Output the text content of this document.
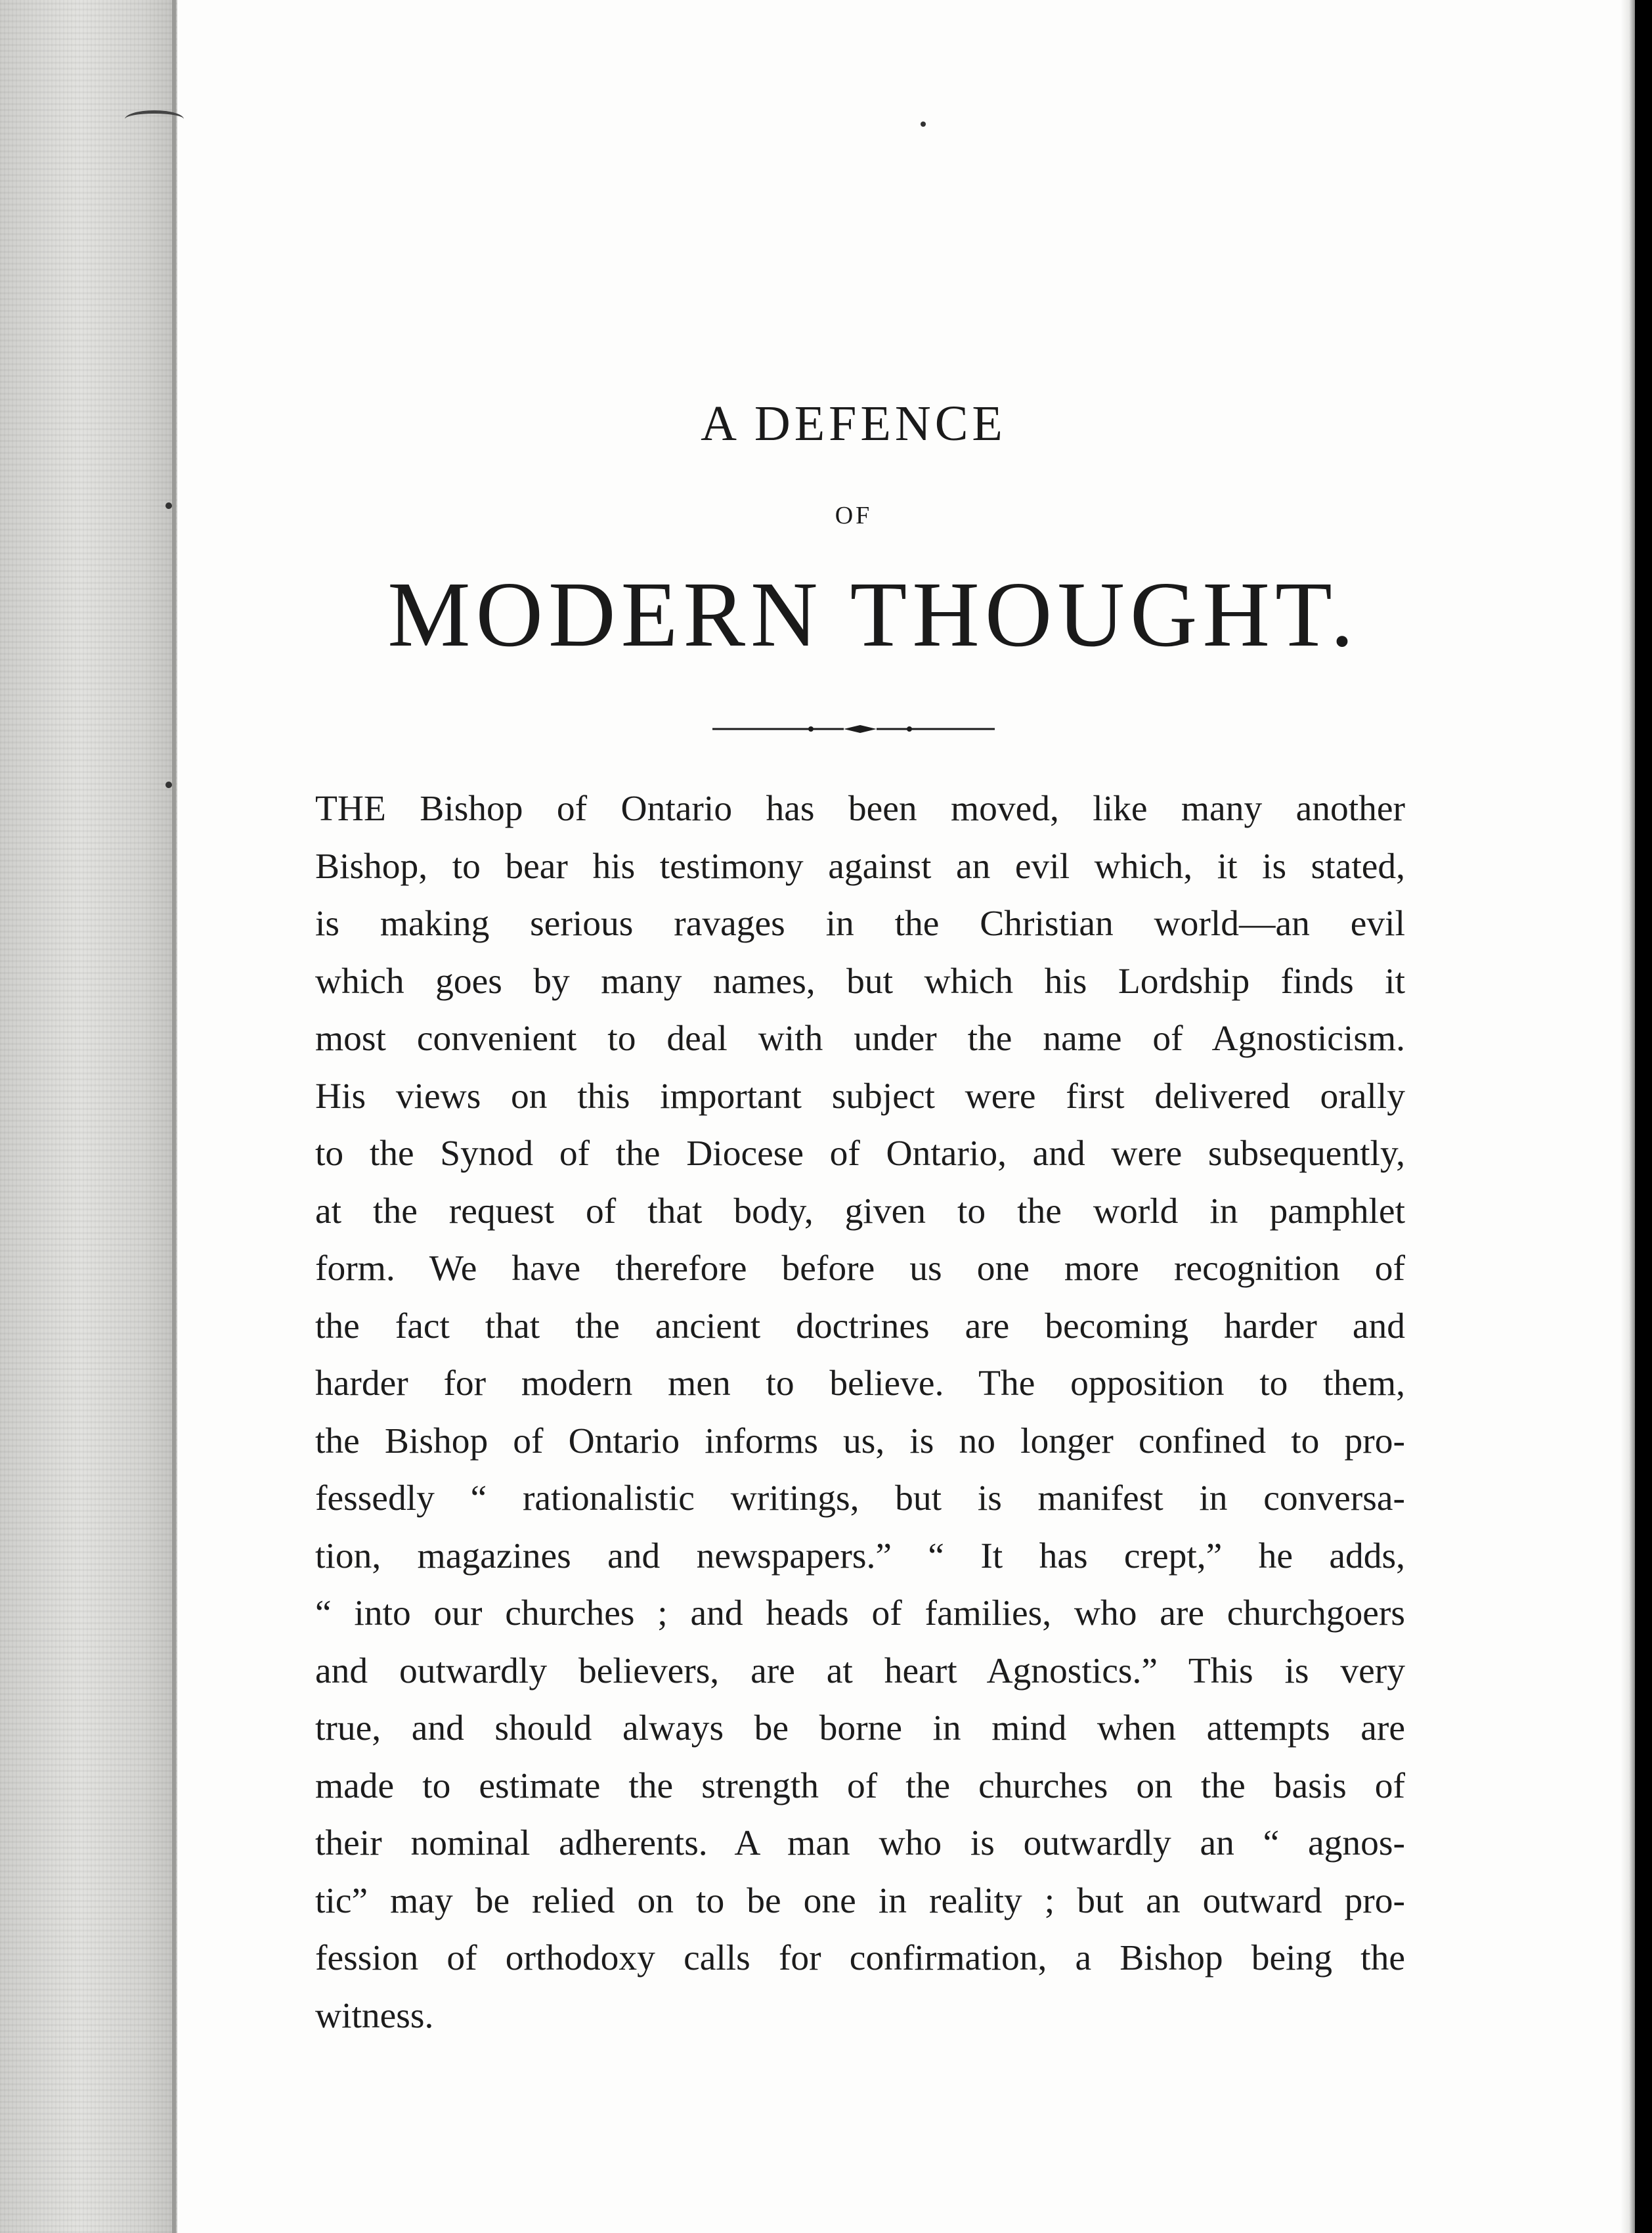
A DEFENCE
OF
MODERN THOUGHT.
THE Bishop of Ontario has been moved, like many another
Bishop, to bear his testimony against an evil which, it is stated,
is making serious ravages in the Christian world—an evil
which goes by many names, but which his Lordship finds it
most convenient to deal with under the name of Agnosticism.
His views on this important subject were first delivered orally
to the Synod of the Diocese of Ontario, and were subsequently,
at the request of that body, given to the world in pamphlet
form. We have therefore before us one more recognition of
the fact that the ancient doctrines are becoming harder and
harder for modern men to believe. The opposition to them,
the Bishop of Ontario informs us, is no longer confined to pro-
fessedly “ rationalistic writings, but is manifest in conversa-
tion, magazines and newspapers.” “ It has crept,” he adds,
“ into our churches ; and heads of families, who are churchgoers
and outwardly believers, are at heart Agnostics.” This is very
true, and should always be borne in mind when attempts are
made to estimate the strength of the churches on the basis of
their nominal adherents. A man who is outwardly an “ agnos-
tic” may be relied on to be one in reality ; but an outward pro-
fession of orthodoxy calls for confirmation, a Bishop being the
witness.
